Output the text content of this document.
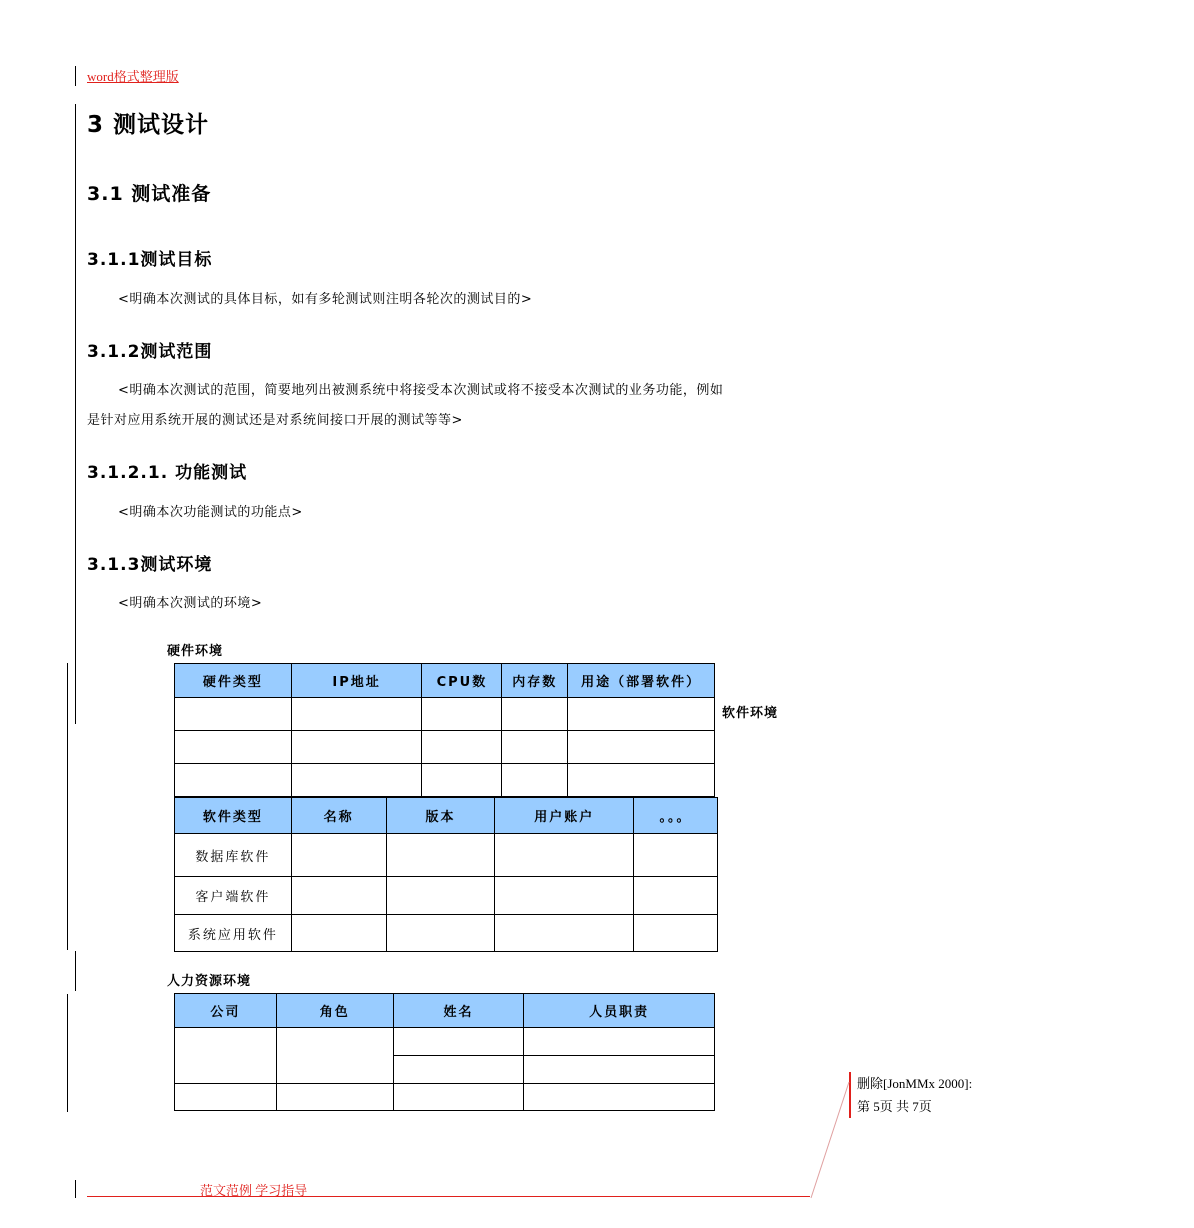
word格式整理版
3 测试设计
3.1 测试准备
3.1.1测试目标
<明确本次测试的具体目标，如有多轮测试则注明各轮次的测试目的>
3.1.2测试范围
<明确本次测试的范围，简要地列出被测系统中将接受本次测试或将不接受本次测试的业务功能，例如
是针对应用系统开展的测试还是对系统间接口开展的测试等等>
3.1.2.1. 功能测试
<明确本次功能测试的功能点>
3.1.3测试环境
<明确本次测试的环境>
硬件环境
硬件类型	IP地址	CPU数	内存数	用途（部署软件）

软件环境
软件类型	名称	版本	用户账户	。。。
数据库软件				
客户端软件				
系统应用软件				
人力资源环境
公司	角色	姓名	人员职责

删除[JonMMx 2000]:
第 5页 共 7页
范文范例 学习指导
